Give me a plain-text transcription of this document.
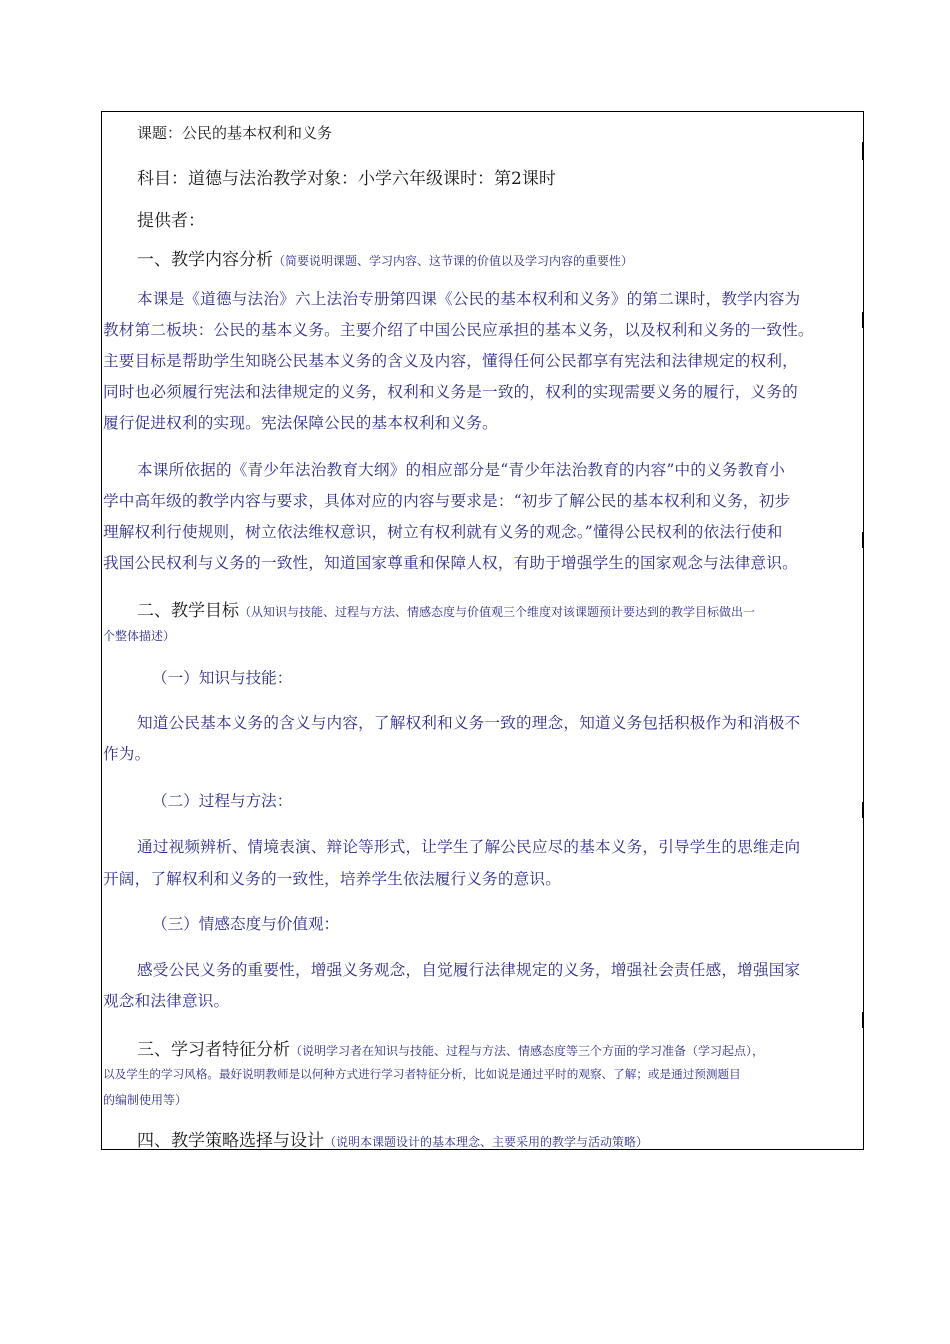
课题：公民的基本权利和义务
科目：道德与法治教学对象：小学六年级课时：第2课时
提供者：
一、教学内容分析（简要说明课题、学习内容、这节课的价值以及学习内容的重要性）
本课是《道德与法治》六上法治专册第四课《公民的基本权利和义务》的第二课时，教学内容为
教材第二板块：公民的基本义务。主要介绍了中国公民应承担的基本义务，以及权利和义务的一致性。
主要目标是帮助学生知晓公民基本义务的含义及内容，懂得任何公民都享有宪法和法律规定的权利，
同时也必须履行宪法和法律规定的义务，权利和义务是一致的，权利的实现需要义务的履行，义务的
履行促进权利的实现。宪法保障公民的基本权利和义务。
本课所依据的《青少年法治教育大纲》的相应部分是“青少年法治教育的内容”中的义务教育小
学中高年级的教学内容与要求，具体对应的内容与要求是：“初步了解公民的基本权利和义务，初步
理解权利行使规则，树立依法维权意识，树立有权利就有义务的观念。”懂得公民权利的依法行使和
我国公民权利与义务的一致性，知道国家尊重和保障人权，有助于增强学生的国家观念与法律意识。
二、教学目标（从知识与技能、过程与方法、情感态度与价值观三个维度对该课题预计要达到的教学目标做出一
个整体描述）
（一）知识与技能：
知道公民基本义务的含义与内容，了解权利和义务一致的理念，知道义务包括积极作为和消极不
作为。
（二）过程与方法：
通过视频辨析、情境表演、辩论等形式，让学生了解公民应尽的基本义务，引导学生的思维走向
开阔，了解权利和义务的一致性，培养学生依法履行义务的意识。
（三）情感态度与价值观：
感受公民义务的重要性，增强义务观念，自觉履行法律规定的义务，增强社会责任感，增强国家
观念和法律意识。
三、学习者特征分析（说明学习者在知识与技能、过程与方法、情感态度等三个方面的学习准备（学习起点），
以及学生的学习风格。最好说明教师是以何种方式进行学习者特征分析，比如说是通过平时的观察、了解；或是通过预测题目
的编制使用等）
四、教学策略选择与设计（说明本课题设计的基本理念、主要采用的教学与活动策略）
